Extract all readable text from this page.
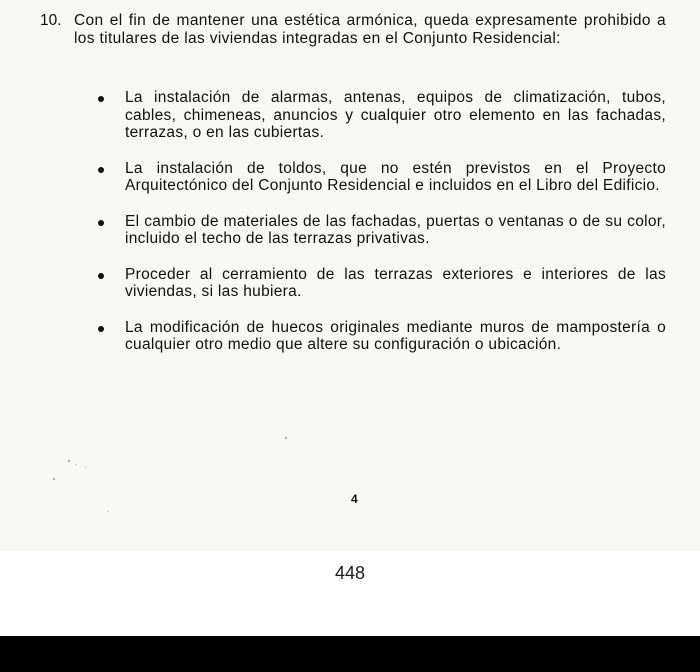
10. Con el fin de mantener una estética armónica, queda expresamente prohibido a los titulares de las viviendas integradas en el Conjunto Residencial:
La instalación de alarmas, antenas, equipos de climatización, tubos, cables, chimeneas, anuncios y cualquier otro elemento en las fachadas, terrazas, o en las cubiertas.
La instalación de toldos, que no estén previstos en el Proyecto Arquitectónico del Conjunto Residencial e incluidos en el Libro del Edificio.
El cambio de materiales de las fachadas, puertas o ventanas o de su color, incluido el techo de las terrazas privativas.
Proceder al cerramiento de las terrazas exteriores e interiores de las viviendas, si las hubiera.
La modificación de huecos originales mediante muros de mampostería o cualquier otro medio que altere su configuración o ubicación.
4
448
